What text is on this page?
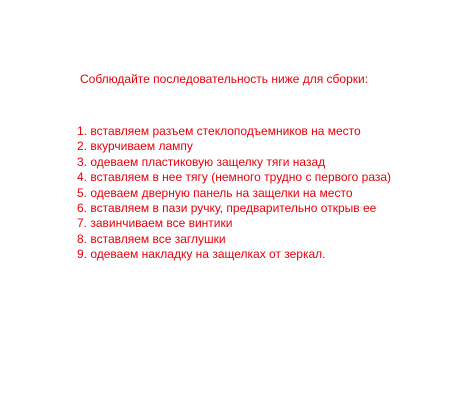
Соблюдайте последовательность ниже для сборки:
1. вставляем разъем стеклоподъемников на место
2. вкурчиваем лампу
3. одеваем пластиковую защелку тяги назад
4. вставляем в нее тягу (немного трудно с первого раза)
5. одеваем дверную панель на защелки на место
6. вставляем в пази ручку, предварительно открыв ее
7. завинчиваем все винтики
8. вставляем все заглушки
9. одеваем накладку на защелках от зеркал.
